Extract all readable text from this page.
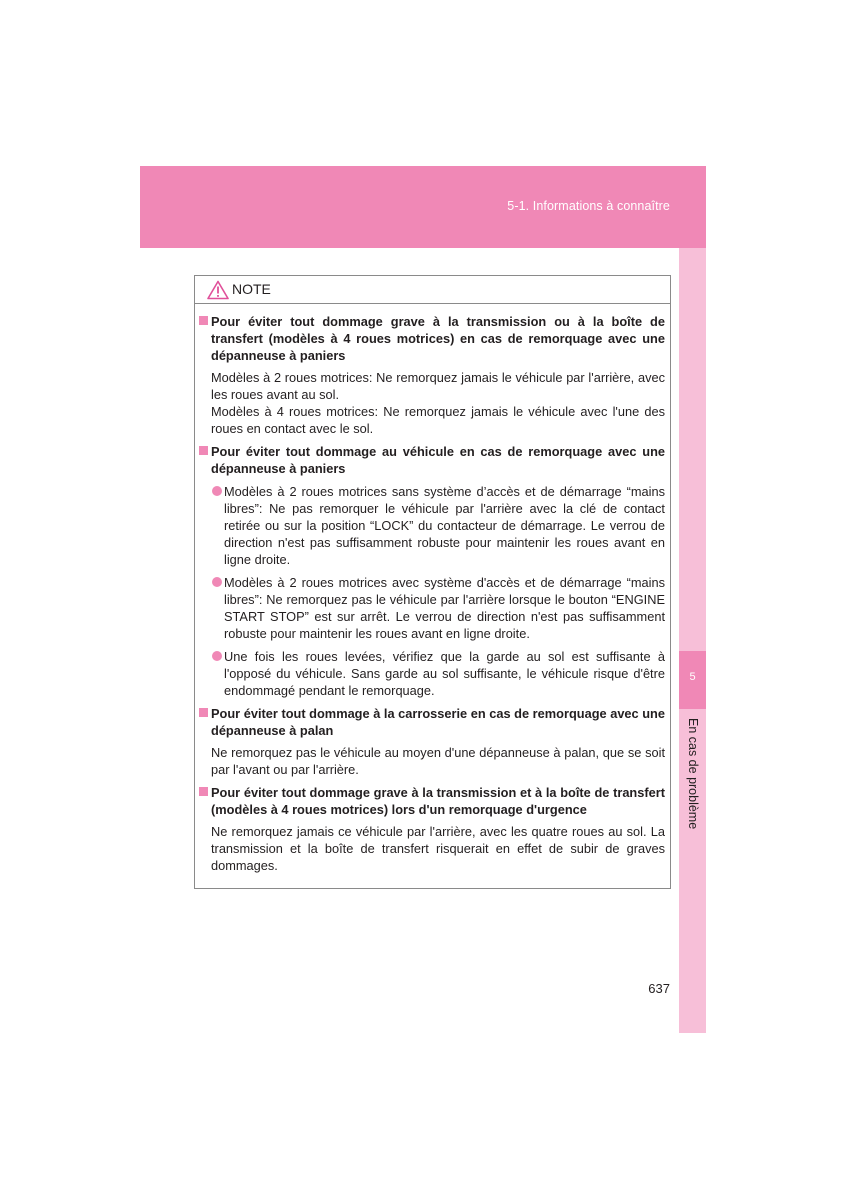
5-1. Informations à connaître
5
En cas de problème
NOTE
Pour éviter tout dommage grave à la transmission ou à la boîte de transfert (modèles à 4 roues motrices) en cas de remorquage avec une dépanneuse à paniers
Modèles à 2 roues motrices: Ne remorquez jamais le véhicule par l'arrière, avec les roues avant au sol.
Modèles à 4 roues motrices: Ne remorquez jamais le véhicule avec l'une des roues en contact avec le sol.
Pour éviter tout dommage au véhicule en cas de remorquage avec une dépanneuse à paniers
Modèles à 2 roues motrices sans système d’accès et de démarrage “mains libres”: Ne pas remorquer le véhicule par l'arrière avec la clé de contact retirée ou sur la position “LOCK” du contacteur de démarrage. Le verrou de direction n'est pas suffisamment robuste pour maintenir les roues avant en ligne droite.
Modèles à 2 roues motrices avec système d'accès et de démarrage “mains libres”: Ne remorquez pas le véhicule par l'arrière lorsque le bouton “ENGINE START STOP” est sur arrêt. Le verrou de direction n'est pas suffisamment robuste pour maintenir les roues avant en ligne droite.
Une fois les roues levées, vérifiez que la garde au sol est suffisante à l'opposé du véhicule. Sans garde au sol suffisante, le véhicule risque d'être endommagé pendant le remorquage.
Pour éviter tout dommage à la carrosserie en cas de remorquage avec une dépanneuse à palan
Ne remorquez pas le véhicule au moyen d'une dépanneuse à palan, que se soit par l'avant ou par l'arrière.
Pour éviter tout dommage grave à la transmission et à la boîte de transfert (modèles à 4 roues motrices) lors d'un remorquage d'urgence
Ne remorquez jamais ce véhicule par l'arrière, avec les quatre roues au sol. La transmission et la boîte de transfert risquerait en effet de subir de graves dommages.
637
